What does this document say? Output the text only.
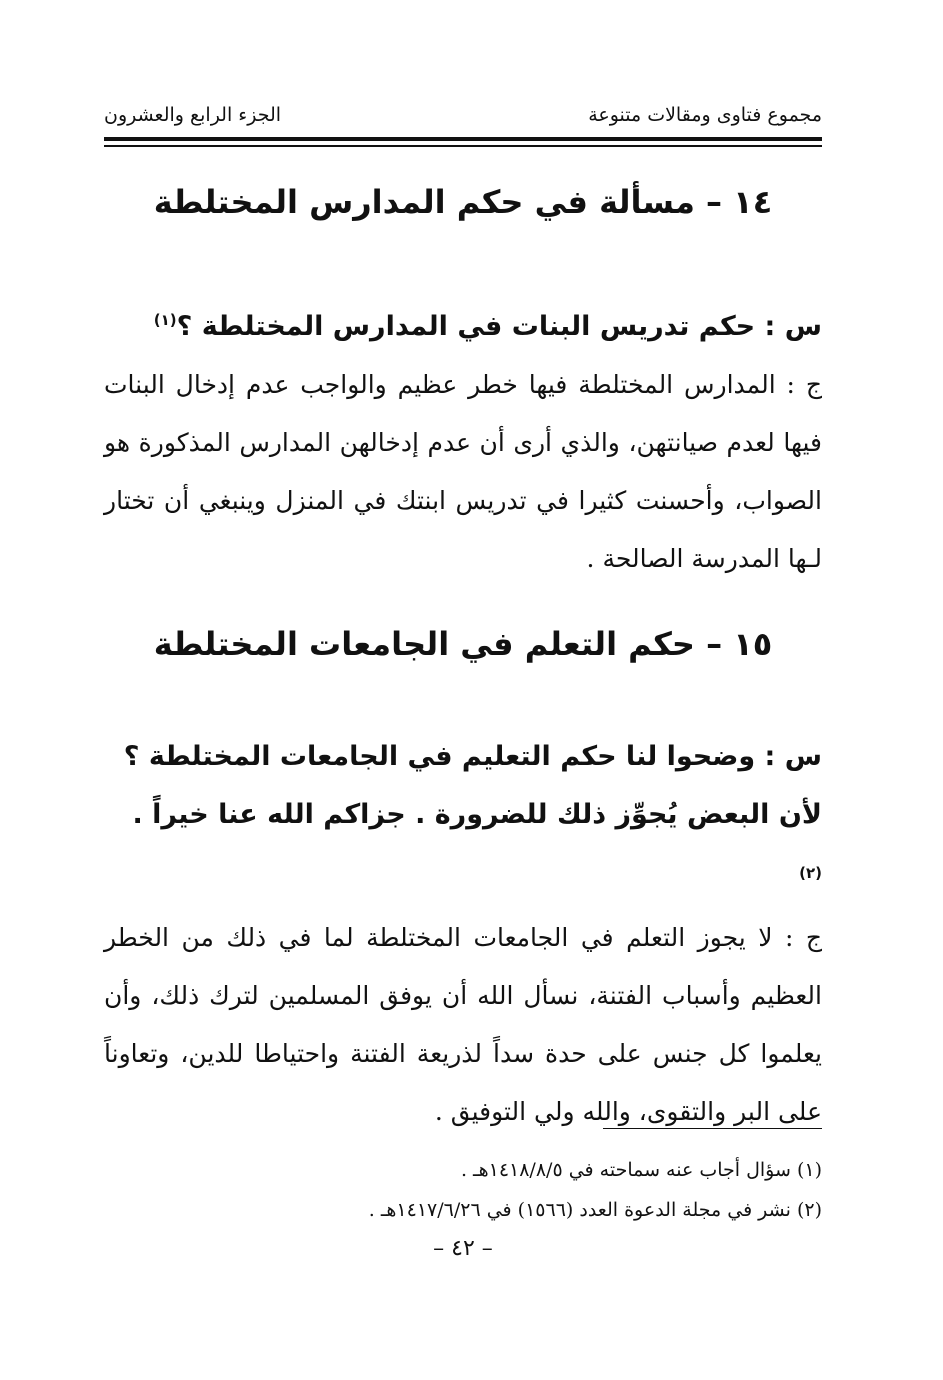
مجموع فتاوى ومقالات متنوعة
الجزء الرابع والعشرون
١٤ – مسألة في حكم المدارس المختلطة

س : حكم تدريس البنات في المدارس المختلطة ؟$^{(١)}$

ج : المدارس المختلطة فيها خطر عظيم والواجب عدم إدخال البنات فيها لعدم صيانتهن، والذي أرى أن عدم إدخالهن المدارس المذكورة هو الصواب، وأحسنت كثيرا في تدريس ابنتك في المنزل وينبغي أن تختار لـها المدرسة الصالحة .

١٥ – حكم التعلم في الجامعات المختلطة

س : وضحوا لنا حكم التعليم في الجامعات المختلطة ؟ لأن البعض يُجوِّز ذلك للضرورة . جزاكم الله عنا خيراً . $^{(٢)}$

ج : لا يجوز التعلم في الجامعات المختلطة لما في ذلك من الخطر العظيم وأسباب الفتنة، نسأل الله أن يوفق المسلمين لترك ذلك، وأن يعلموا كل جنس على حدة سداً لذريعة الفتنة واحتياطا للدين، وتعاوناً على البر والتقوى، والله ولي التوفيق .

(١) سؤال أجاب عنه سماحته في ١٤١٨/٨/٥هـ .

(٢) نشر في مجلة الدعوة العدد (١٥٦٦) في ١٤١٧/٦/٢٦هـ .

– ٤٢ –
